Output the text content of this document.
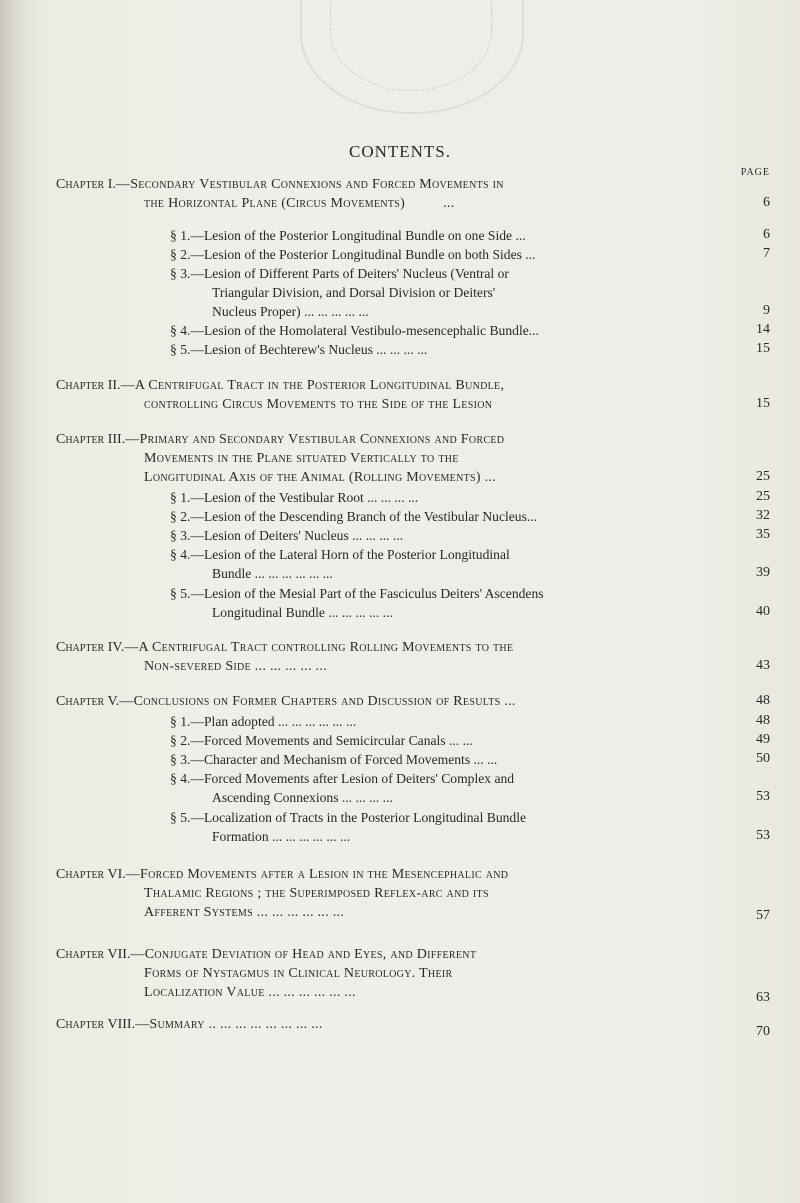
CONTENTS.
PAGE
Chapter I.—Secondary Vestibular Connexions and Forced Movements in
the Horizontal Plane (Circus Movements)	...	6
§ 1.—Lesion of the Posterior Longitudinal Bundle on one Side ...	6
§ 2.—Lesion of the Posterior Longitudinal Bundle on both Sides ...	7
§ 3.—Lesion of Different Parts of Deiters' Nucleus (Ventral or
Triangular Division, and Dorsal Division or Deiters'
Nucleus Proper) ... ... ... ... ...	9
§ 4.—Lesion of the Homolateral Vestibulo-mesencephalic Bundle...	14
§ 5.—Lesion of Bechterew's Nucleus ... ... ... ...	15
Chapter II.—A Centrifugal Tract in the Posterior Longitudinal Bundle,
controlling Circus Movements to the Side of the Lesion	15
Chapter III.—Primary and Secondary Vestibular Connexions and Forced
Movements in the Plane situated Vertically to the
Longitudinal Axis of the Animal (Rolling Movements) ...	25
§ 1.—Lesion of the Vestibular Root ... ... ... ...	25
§ 2.—Lesion of the Descending Branch of the Vestibular Nucleus...	32
§ 3.—Lesion of Deiters' Nucleus ... ... ... ...	35
§ 4.—Lesion of the Lateral Horn of the Posterior Longitudinal
Bundle ... ... ... ... ... ...	39
§ 5.—Lesion of the Mesial Part of the Fasciculus Deiters' Ascendens
Longitudinal Bundle ... ... ... ... ...	40
Chapter IV.—A Centrifugal Tract controlling Rolling Movements to the
Non-severed Side ... ... ... ... ...	43
Chapter V.—Conclusions on Former Chapters and Discussion of Results ...	48
§ 1.—Plan adopted ... ... ... ... ... ...	48
§ 2.—Forced Movements and Semicircular Canals ... ...	49
§ 3.—Character and Mechanism of Forced Movements ... ...	50
§ 4.—Forced Movements after Lesion of Deiters' Complex and
Ascending Connexions ... ... ... ...	53
§ 5.—Localization of Tracts in the Posterior Longitudinal Bundle
Formation ... ... ... ... ... ...	53
Chapter VI.—Forced Movements after a Lesion in the Mesencephalic and
Thalamic Regions ; the Superimposed Reflex-arc and its
Afferent Systems ... ... ... ... ... ...	57
Chapter VII.—Conjugate Deviation of Head and Eyes, and Different
Forms of Nystagmus in Clinical Neurology. Their
Localization Value ... ... ... ... ... ...	63
Chapter VIII.—Summary .. ... ... ... ... ... ... ...	70
